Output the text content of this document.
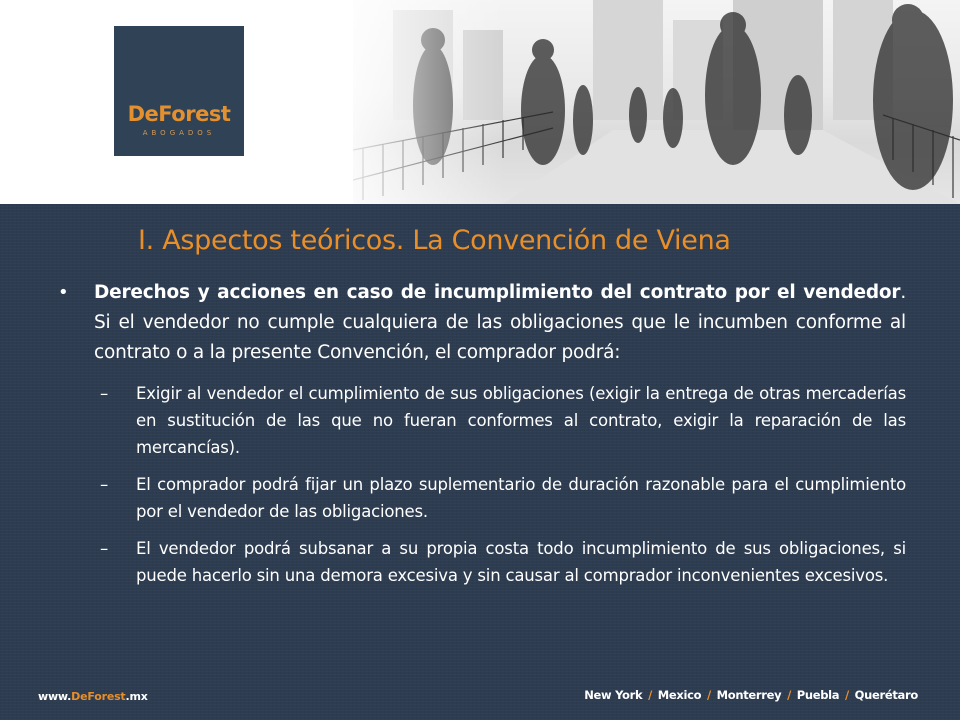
DeForest
ABOGADOS
I. Aspectos teóricos. La Convención de Viena
• Derechos y acciones en caso de incumplimiento del contrato por el vendedor. Si el vendedor no cumple cualquiera de las obligaciones que le incumben conforme al contrato o a la presente Convención, el comprador podrá:
– Exigir al vendedor el cumplimiento de sus obligaciones (exigir la entrega de otras mercaderías en sustitución de las que no fueran conformes al contrato, exigir la reparación de las mercancías).
– El comprador podrá fijar un plazo suplementario de duración razonable para el cumplimiento por el vendedor de las obligaciones.
– El vendedor podrá subsanar a su propia costa todo incumplimiento de sus obligaciones, si puede hacerlo sin una demora excesiva y sin causar al comprador inconvenientes excesivos.
www.DeForest.mx	New York / Mexico / Monterrey / Puebla / Querétaro
